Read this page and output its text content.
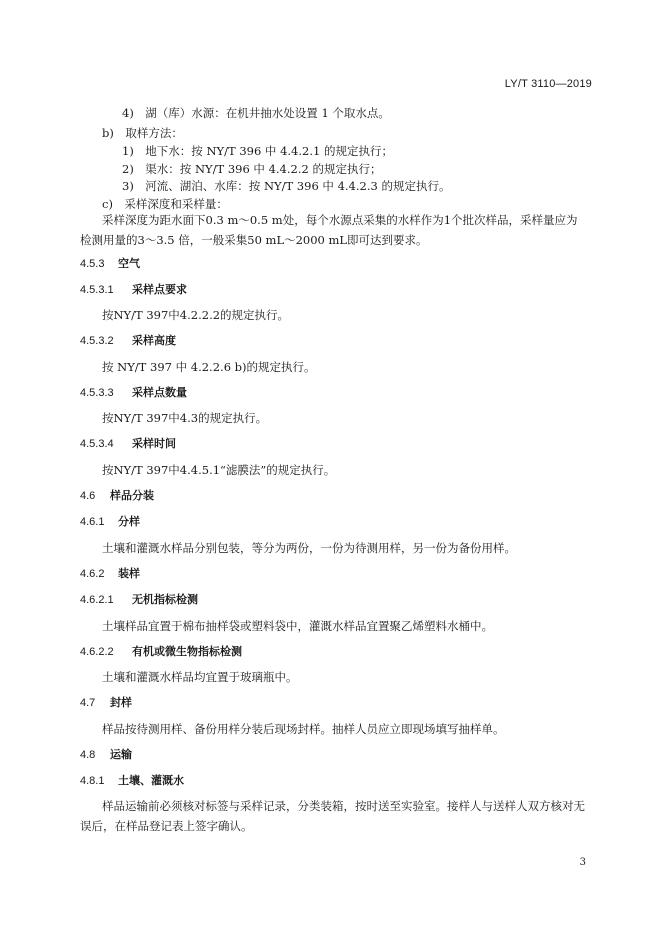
LY/T 3110—2019
4)　湖（库）水源：在机井抽水处设置 1 个取水点。
b)　取样方法：
1)　地下水：按 NY/T 396 中 4.4.2.1 的规定执行；
2)　渠水：按 NY/T 396 中 4.4.2.2 的规定执行；
3)　河流、湖泊、水库：按 NY/T 396 中 4.4.2.3 的规定执行。
c)　采样深度和采样量：
采样深度为距水面下0.3 m～0.5 m处，每个水源点采集的水样作为1个批次样品，采样量应为检测用量的3～3.5 倍，一般采集50 mL～2000 mL即可达到要求。
4.5.3 空气
4.5.3.1 采样点要求
按NY/T 397中4.2.2.2的规定执行。
4.5.3.2 采样高度
按 NY/T 397 中 4.2.2.6 b)的规定执行。
4.5.3.3 采样点数量
按NY/T 397中4.3的规定执行。
4.5.3.4 采样时间
按NY/T 397中4.4.5.1“滤膜法”的规定执行。
4.6 样品分装
4.6.1 分样
土壤和灌溉水样品分别包装，等分为两份，一份为待测用样，另一份为备份用样。
4.6.2 装样
4.6.2.1 无机指标检测
土壤样品宜置于棉布抽样袋或塑料袋中，灌溉水样品宜置聚乙烯塑料水桶中。
4.6.2.2 有机或微生物指标检测
土壤和灌溉水样品均宜置于玻璃瓶中。
4.7 封样
样品按待测用样、备份用样分装后现场封样。抽样人员应立即现场填写抽样单。
4.8 运输
4.8.1 土壤、灌溉水
样品运输前必须核对标签与采样记录，分类装箱，按时送至实验室。接样人与送样人双方核对无误后，在样品登记表上签字确认。
3
